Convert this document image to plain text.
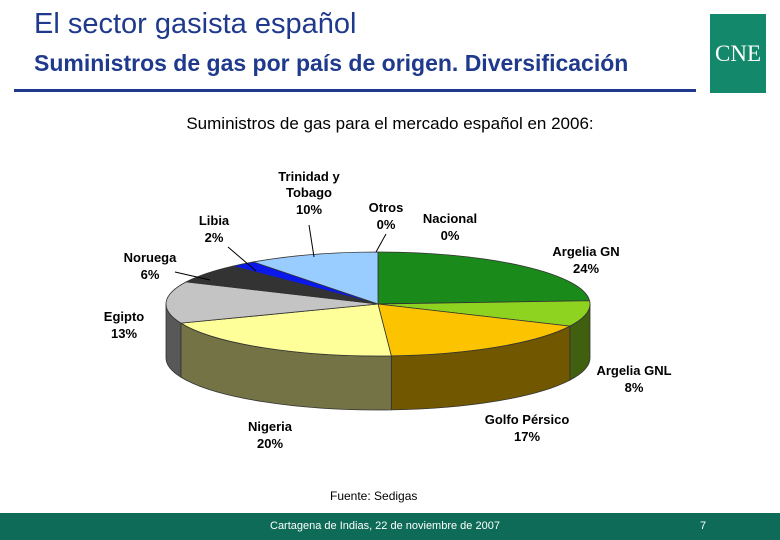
El sector gasista español
Suministros de gas por país de origen. Diversificación	CNE
Suministros de gas para el mercado español en 2006:
Argelia GN
24%
Argelia GNL
8%
Golfo Pérsico
17%
Nigeria
20%
Egipto
13%
Noruega
6%
Libia
2%
Trinidad y
Tobago
10%	Otros
0% Nacional
0%
Fuente: Sedigas
Cartagena de Indias, 22 de noviembre de 2007	7
